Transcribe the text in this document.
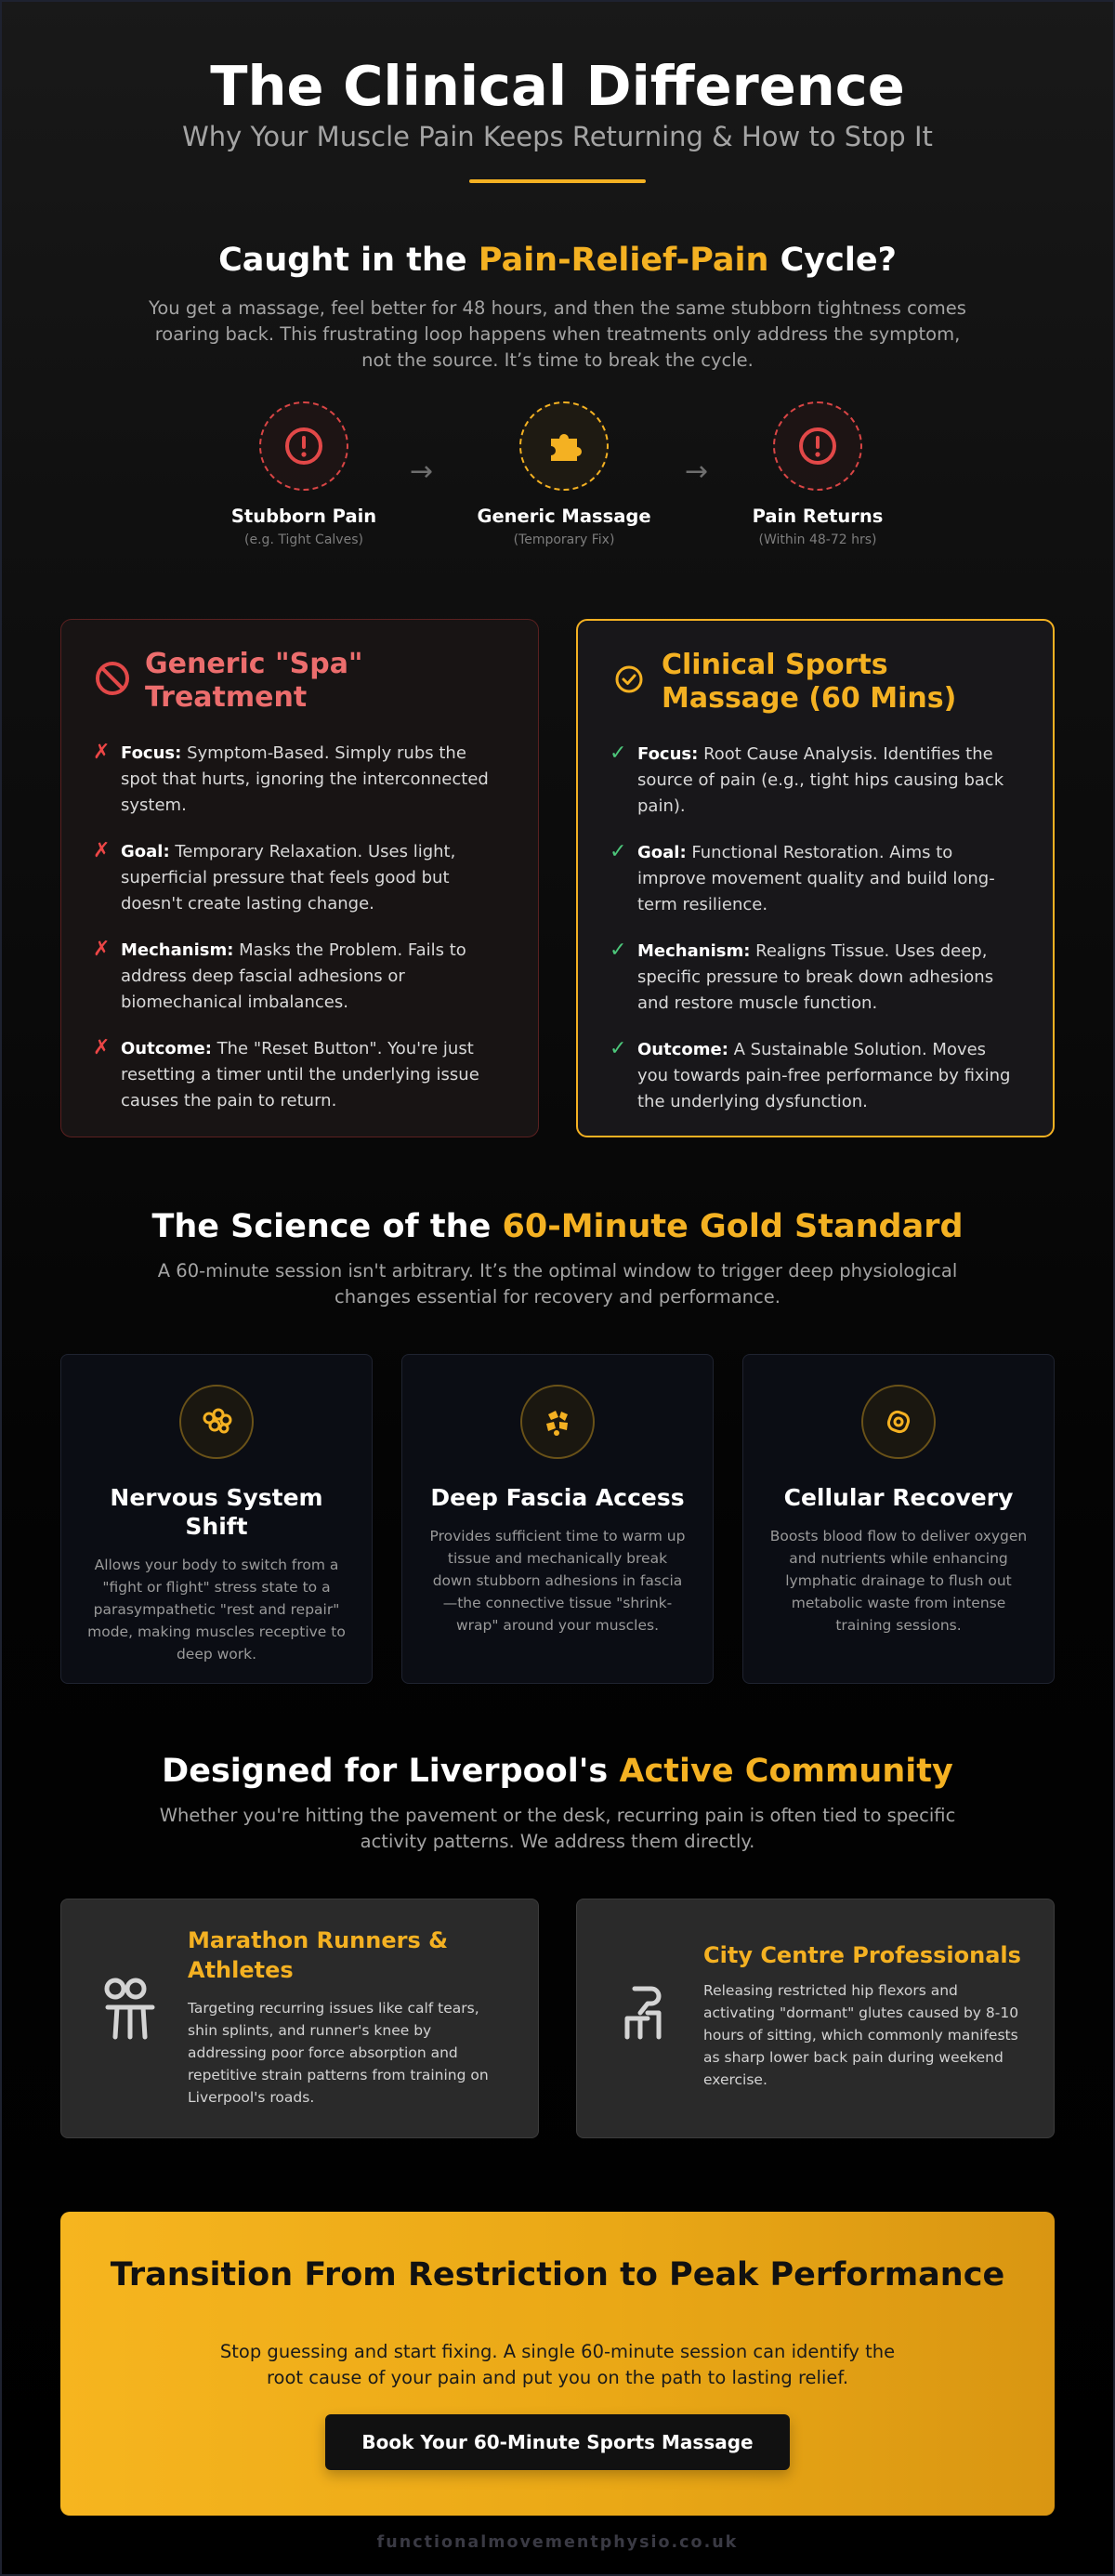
The Clinical Difference
Why Your Muscle Pain Keeps Returning & How to Stop It
Caught in the Pain-Relief-Pain Cycle?

You get a massage, feel better for 48 hours, and then the same stubborn tightness comes roaring back. This frustrating loop happens when treatments only address the symptom, not the source. It’s time to break the cycle.

Stubborn Pain
(e.g. Tight Calves)
→
Generic Massage
(Temporary Fix)
→
Pain Returns
(Within 48-72 hrs)
Generic "Spa" Treatment
✗ Focus: Symptom-Based. Simply rubs the spot that hurts, ignoring the interconnected system.
✗ Goal: Temporary Relaxation. Uses light, superficial pressure that feels good but doesn't create lasting change.
✗ Mechanism: Masks the Problem. Fails to address deep fascial adhesions or biomechanical imbalances.
✗ Outcome: The "Reset Button". You're just resetting a timer until the underlying issue causes the pain to return.
Clinical Sports Massage (60 Mins)
✓ Focus: Root Cause Analysis. Identifies the source of pain (e.g., tight hips causing back pain).
✓ Goal: Functional Restoration. Aims to improve movement quality and build long-term resilience.
✓ Mechanism: Realigns Tissue. Uses deep, specific pressure to break down adhesions and restore muscle function.
✓ Outcome: A Sustainable Solution. Moves you towards pain-free performance by fixing the underlying dysfunction.
The Science of the 60-Minute Gold Standard

A 60-minute session isn't arbitrary. It’s the optimal window to trigger deep physiological changes essential for recovery and performance.

Nervous System Shift
Allows your body to switch from a "fight or flight" stress state to a parasympathetic "rest and repair" mode, making muscles receptive to deep work.
Deep Fascia Access
Provides sufficient time to warm up tissue and mechanically break down stubborn adhesions in fascia—the connective tissue "shrink-wrap" around your muscles.
Cellular Recovery
Boosts blood flow to deliver oxygen and nutrients while enhancing lymphatic drainage to flush out metabolic waste from intense training sessions.
Designed for Liverpool's Active Community

Whether you're hitting the pavement or the desk, recurring pain is often tied to specific activity patterns. We address them directly.

Marathon Runners & Athletes
Targeting recurring issues like calf tears, shin splints, and runner's knee by addressing poor force absorption and repetitive strain patterns from training on Liverpool's roads.
City Centre Professionals
Releasing restricted hip flexors and activating "dormant" glutes caused by 8-10 hours of sitting, which commonly manifests as sharp lower back pain during weekend exercise.
Transition From Restriction to Peak Performance

Stop guessing and start fixing. A single 60-minute session can identify the root cause of your pain and put you on the path to lasting relief.

Book Your 60-Minute Sports Massage
functionalmovementphysio.co.uk
